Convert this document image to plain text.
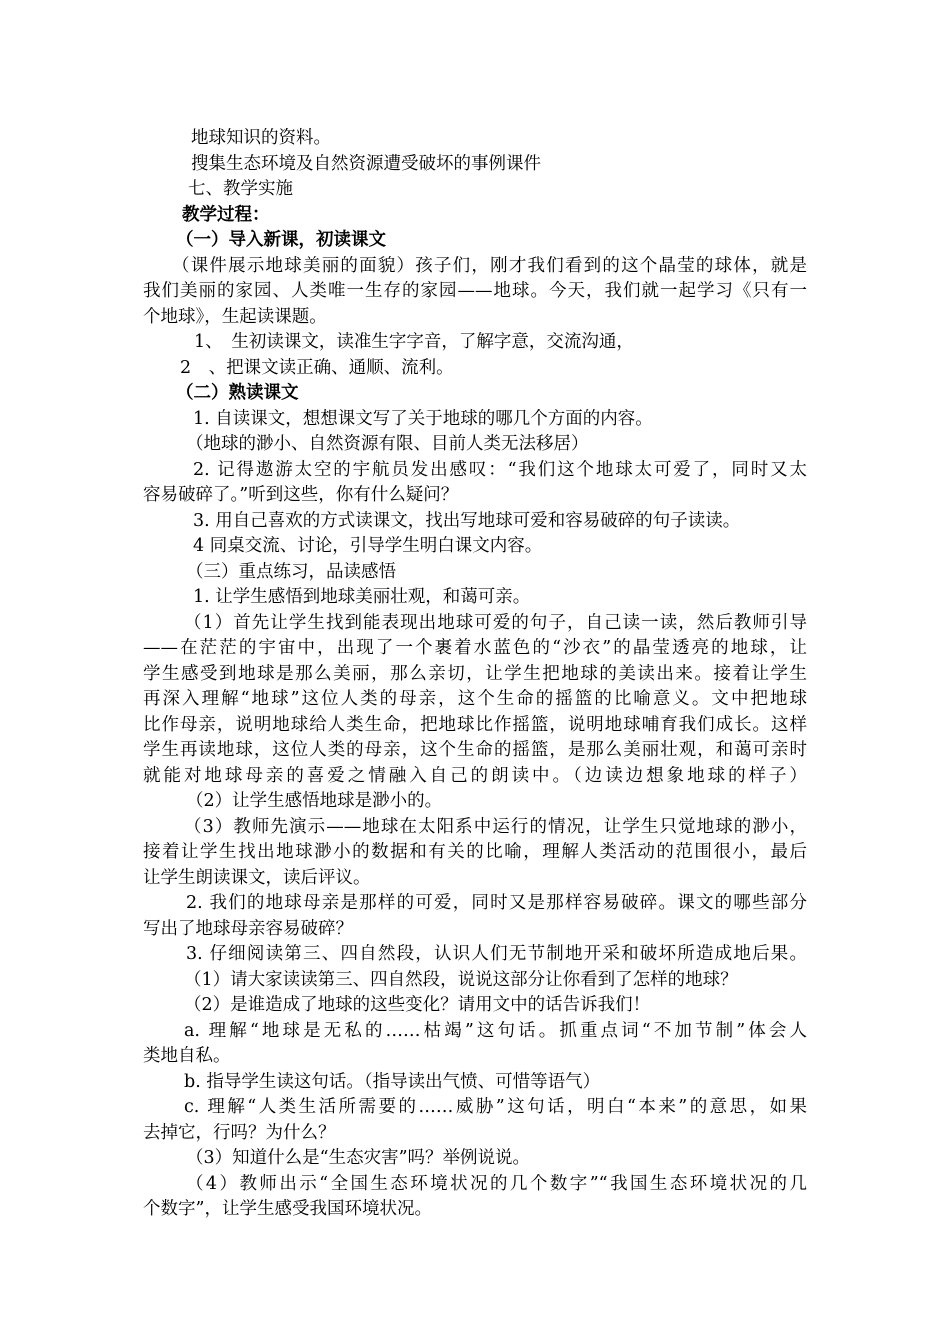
地球知识的资料。
搜集生态环境及自然资源遭受破坏的事例课件
七、教学实施
教学过程：
（一）导入新课，初读课文
（课件展示地球美丽的面貌）孩子们，刚才我们看到的这个晶莹的球体，就是
我们美丽的家园、人类唯一生存的家园——地球。今天，我们就一起学习《只有一
个地球》，生起读课题。
1、　生初读课文，读准生字字音，了解字意，交流沟通，
2　、把课文读正确、通顺、流利。
（二）熟读课文
1. 自读课文，想想课文写了关于地球的哪几个方面的内容。
（地球的渺小、自然资源有限、目前人类无法移居）
2. 记得遨游太空的宇航员发出感叹：“我们这个地球太可爱了，同时又太
容易破碎了。”听到这些，你有什么疑问？
3. 用自己喜欢的方式读课文，找出写地球可爱和容易破碎的句子读读。
4 同桌交流、讨论，引导学生明白课文内容。
（三）重点练习，品读感悟
1. 让学生感悟到地球美丽壮观，和蔼可亲。
（1）首先让学生找到能表现出地球可爱的句子，自己读一读，然后教师引导
——在茫茫的宇宙中，出现了一个裹着水蓝色的“沙衣”的晶莹透亮的地球，让
学生感受到地球是那么美丽，那么亲切，让学生把地球的美读出来。接着让学生
再深入理解“地球”这位人类的母亲，这个生命的摇篮的比喻意义。文中把地球
比作母亲，说明地球给人类生命，把地球比作摇篮，说明地球哺育我们成长。这样
学生再读地球，这位人类的母亲，这个生命的摇篮，是那么美丽壮观，和蔼可亲时
就能对地球母亲的喜爱之情融入自己的朗读中。（边读边想象地球的样子）
（2）让学生感悟地球是渺小的。
（3）教师先演示——地球在太阳系中运行的情况，让学生只觉地球的渺小，
接着让学生找出地球渺小的数据和有关的比喻，理解人类活动的范围很小，最后
让学生朗读课文，读后评议。
2. 我们的地球母亲是那样的可爱，同时又是那样容易破碎。课文的哪些部分
写出了地球母亲容易破碎？
3. 仔细阅读第三、四自然段，认识人们无节制地开采和破坏所造成地后果。
（1）请大家读读第三、四自然段，说说这部分让你看到了怎样的地球？
（2）是谁造成了地球的这些变化？请用文中的话告诉我们！
a. 理解“地球是无私的……枯竭”这句话。抓重点词“不加节制”体会人
类地自私。
b. 指导学生读这句话。（指导读出气愤、可惜等语气）
c. 理解“人类生活所需要的……威胁”这句话，明白“本来”的意思，如果
去掉它，行吗？为什么？
（3）知道什么是“生态灾害”吗？举例说说。
（4）教师出示“全国生态环境状况的几个数字”“我国生态环境状况的几
个数字”，让学生感受我国环境状况。
